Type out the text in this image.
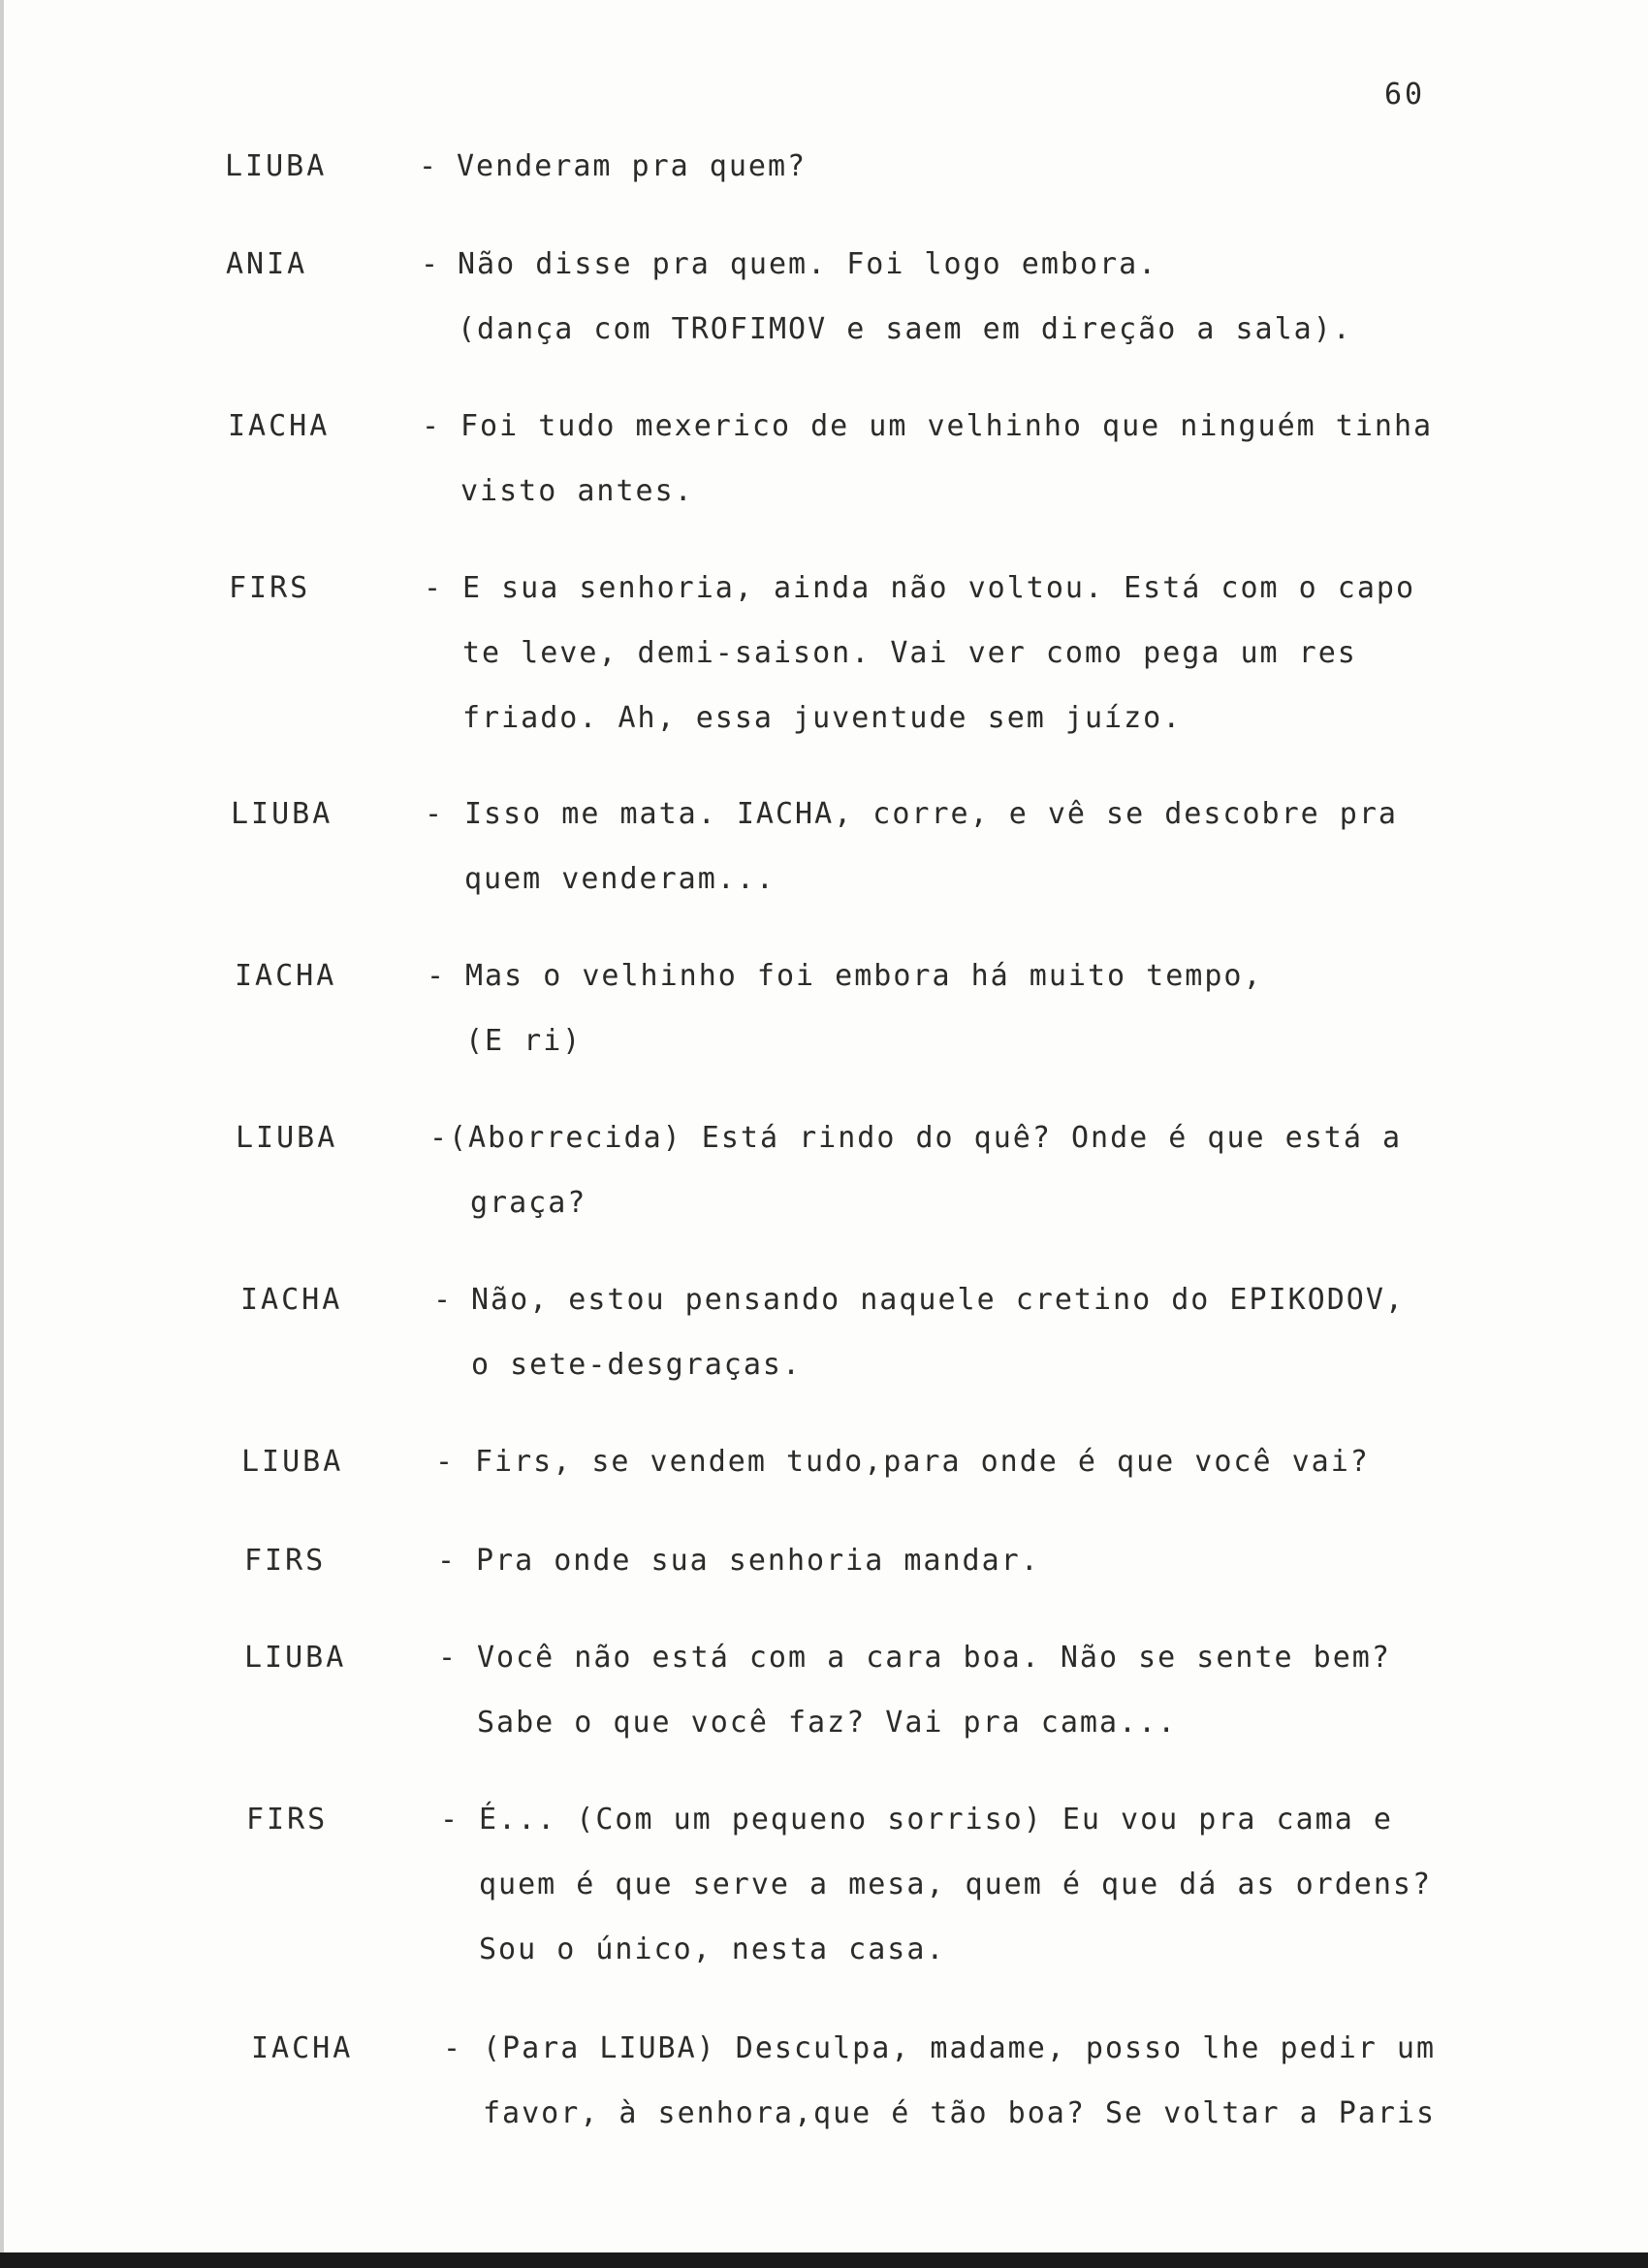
60
LIUBA	- Venderam pra quem?
ANIA	- Não disse pra quem. Foi logo embora.
(dança com TROFIMOV e saem em direção a sala).
IACHA	- Foi tudo mexerico de um velhinho que ninguém tinha
visto antes.
FIRS	- E sua senhoria, ainda não voltou. Está com o capo
te leve, demi-saison. Vai ver como pega um res
friado. Ah, essa juventude sem juízo.
LIUBA	- Isso me mata. IACHA, corre, e vê se descobre pra
quem venderam...
IACHA	- Mas o velhinho foi embora há muito tempo,
(E ri)
LIUBA	- (Aborrecida) Está rindo do quê? Onde é que está a
graça?
IACHA	- Não, estou pensando naquele cretino do EPIKODOV,
o sete-desgraças.
LIUBA	- Firs, se vendem tudo,para onde é que você vai?
FIRS	- Pra onde sua senhoria mandar.
LIUBA	- Você não está com a cara boa. Não se sente bem?
Sabe o que você faz? Vai pra cama...
FIRS	- É... (Com um pequeno sorriso) Eu vou pra cama e
quem é que serve a mesa, quem é que dá as ordens?
Sou o único, nesta casa.
IACHA	- (Para LIUBA) Desculpa, madame, posso lhe pedir um
favor, à senhora,que é tão boa? Se voltar a Paris
